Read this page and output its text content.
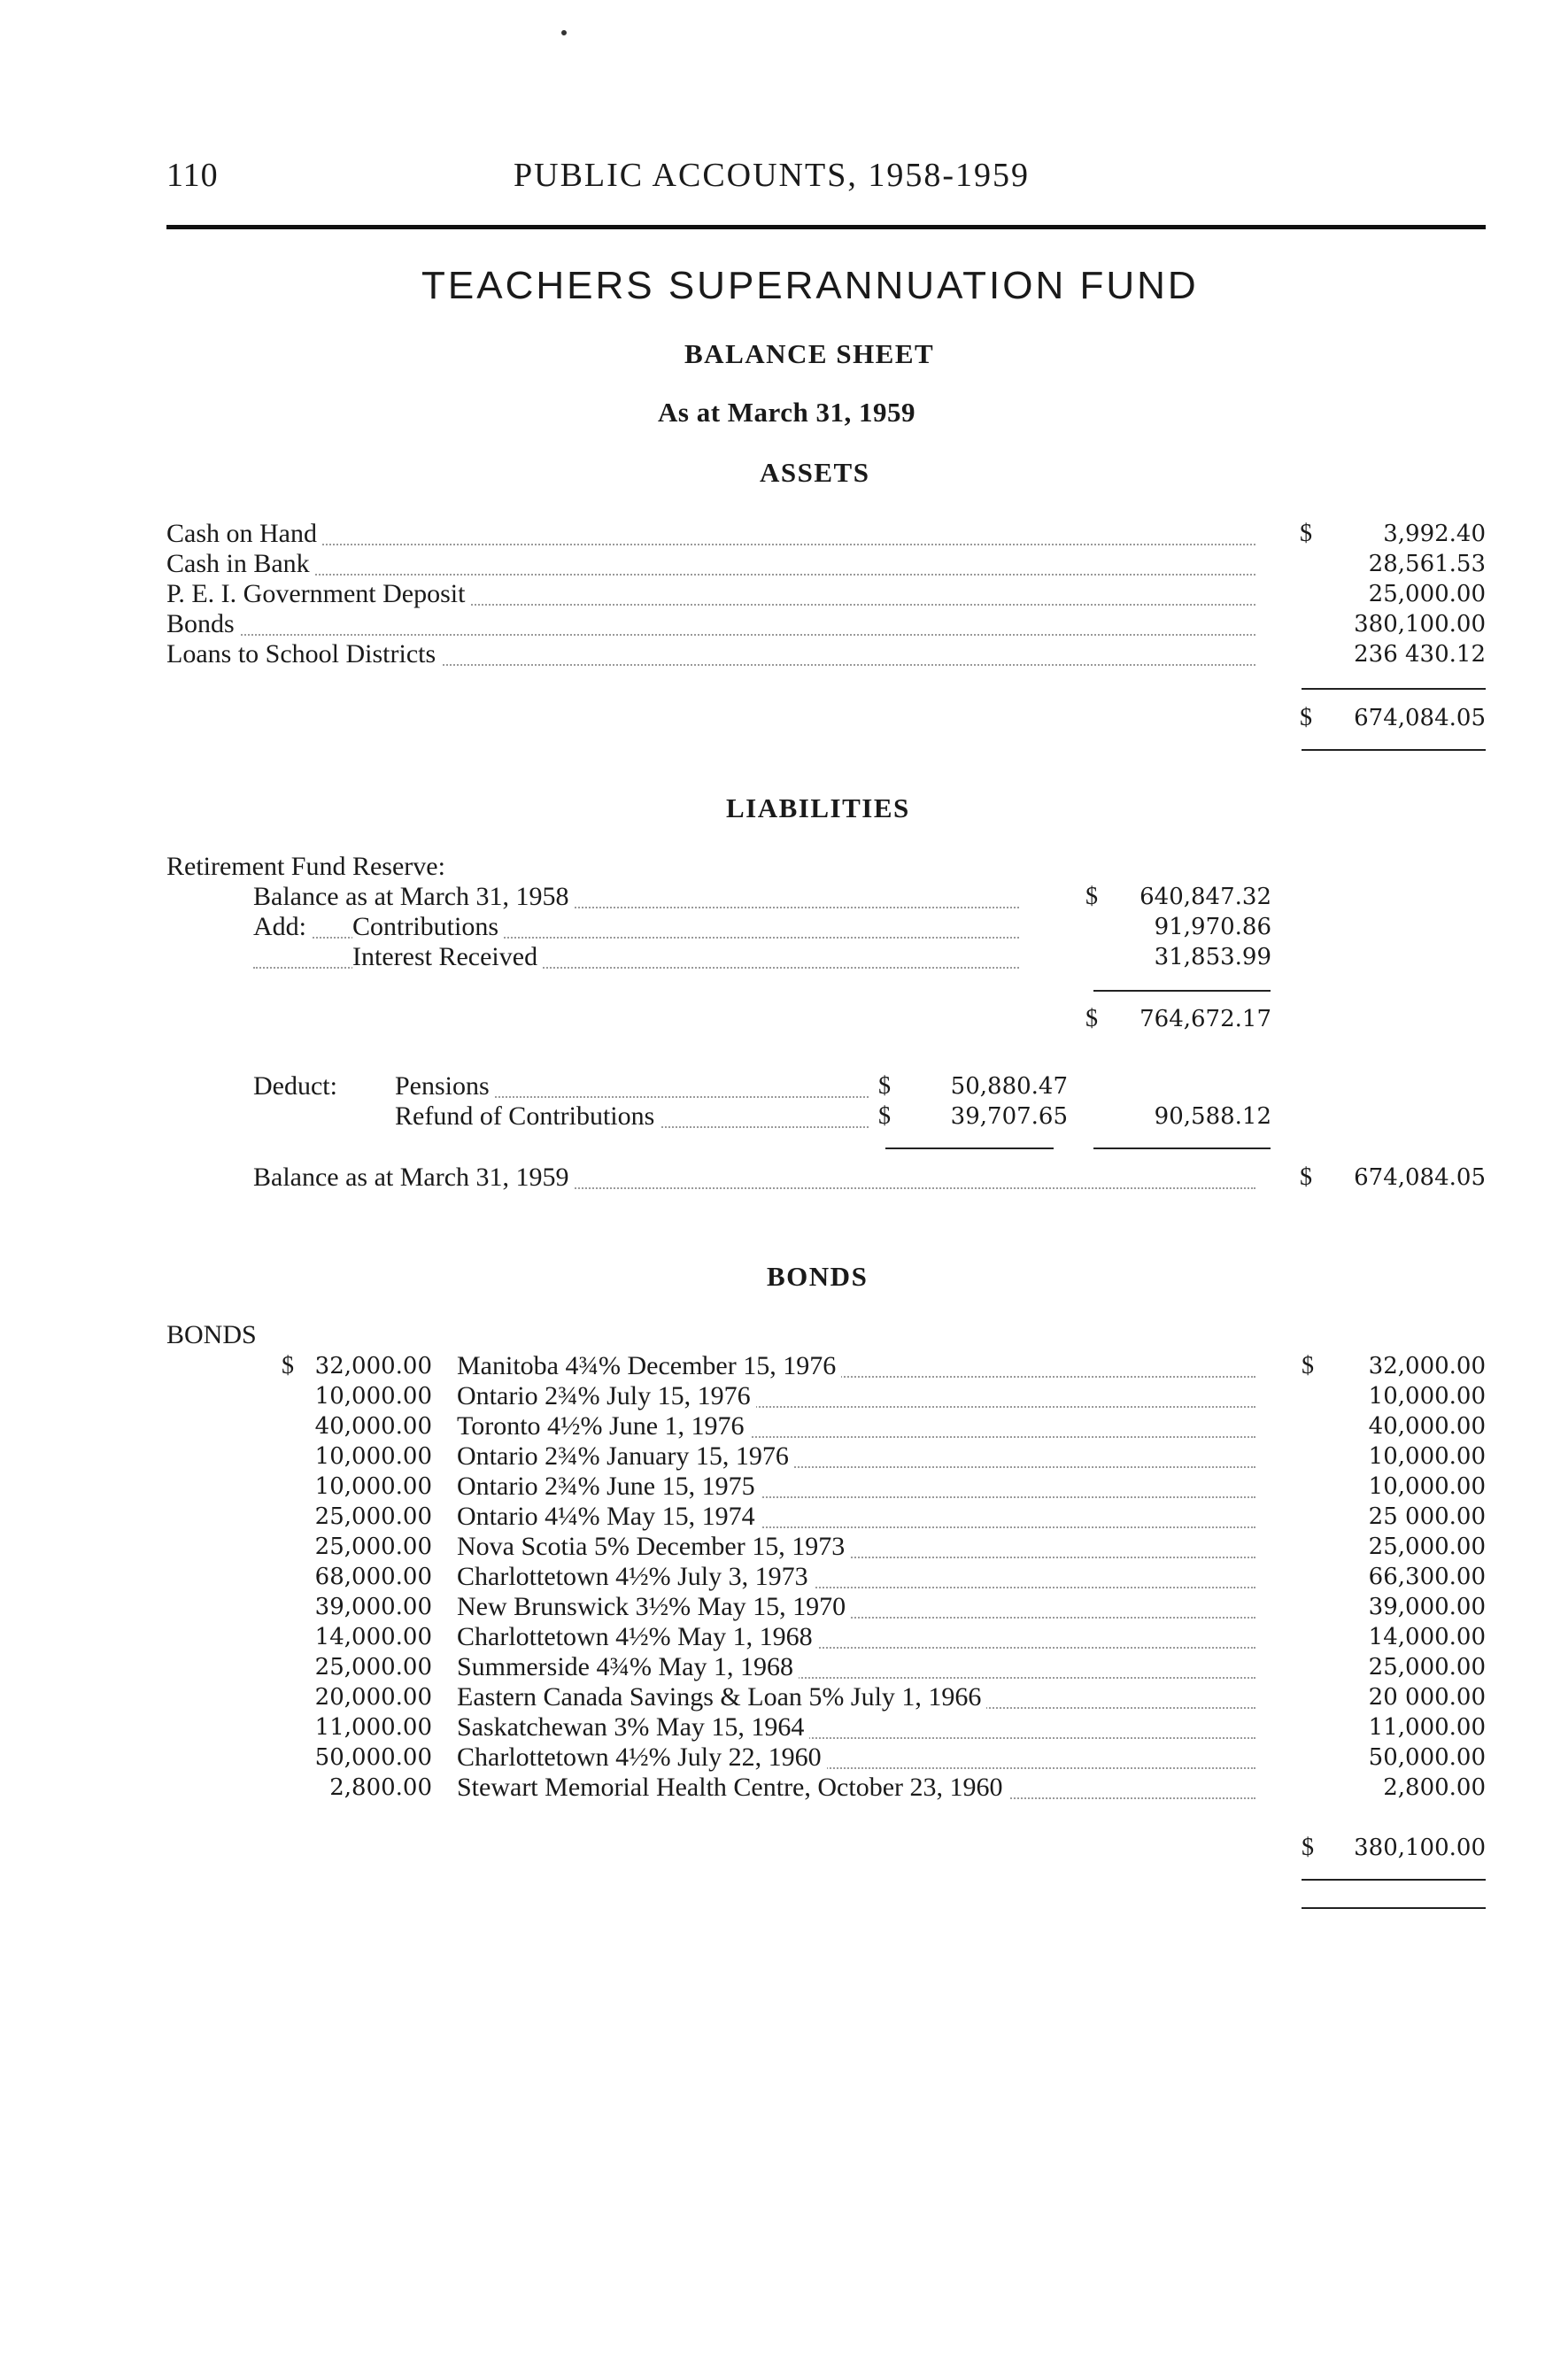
110	PUBLIC ACCOUNTS, 1958-1959
TEACHERS SUPERANNUATION FUND
BALANCE SHEET
As at March 31, 1959
ASSETS
Cash on Hand	$	3,992.40
Cash in Bank	28,561.53
P. E. I. Government Deposit	25,000.00
Bonds	380,100.00
Loans to School Districts	236 430.12
$	674,084.05
LIABILITIES
Retirement Fund Reserve:
Balance as at March 31, 1958	$	640,847.32
Add: Contributions	91,970.86
Interest Received	31,853.99
$	764,672.17
Deduct: Pensions	$	50,880.47
Refund of Contributions	$	39,707.65	90,588.12
Balance as at March 31, 1959	$	674,084.05
BONDS
BONDS
$	$
32,000.00 Manitoba 4¾% December 15, 1976	32,000.00
10,000.00 Ontario 2¾% July 15, 1976	10,000.00
40,000.00 Toronto 4½% June 1, 1976	40,000.00
10,000.00 Ontario 2¾% January 15, 1976	10,000.00
10,000.00 Ontario 2¾% June 15, 1975	10,000.00
25,000.00 Ontario 4¼% May 15, 1974	25 000.00
25,000.00 Nova Scotia 5% December 15, 1973	25,000.00
68,000.00 Charlottetown 4½% July 3, 1973	66,300.00
39,000.00 New Brunswick 3½% May 15, 1970	39,000.00
14,000.00 Charlottetown 4½% May 1, 1968	14,000.00
25,000.00 Summerside 4¾% May 1, 1968	25,000.00
20,000.00 Eastern Canada Savings & Loan 5% July 1, 1966	20 000.00
11,000.00 Saskatchewan 3% May 15, 1964	11,000.00
50,000.00 Charlottetown 4½% July 22, 1960	50,000.00
2,800.00 Stewart Memorial Health Centre, October 23, 1960	2,800.00
$	380,100.00
